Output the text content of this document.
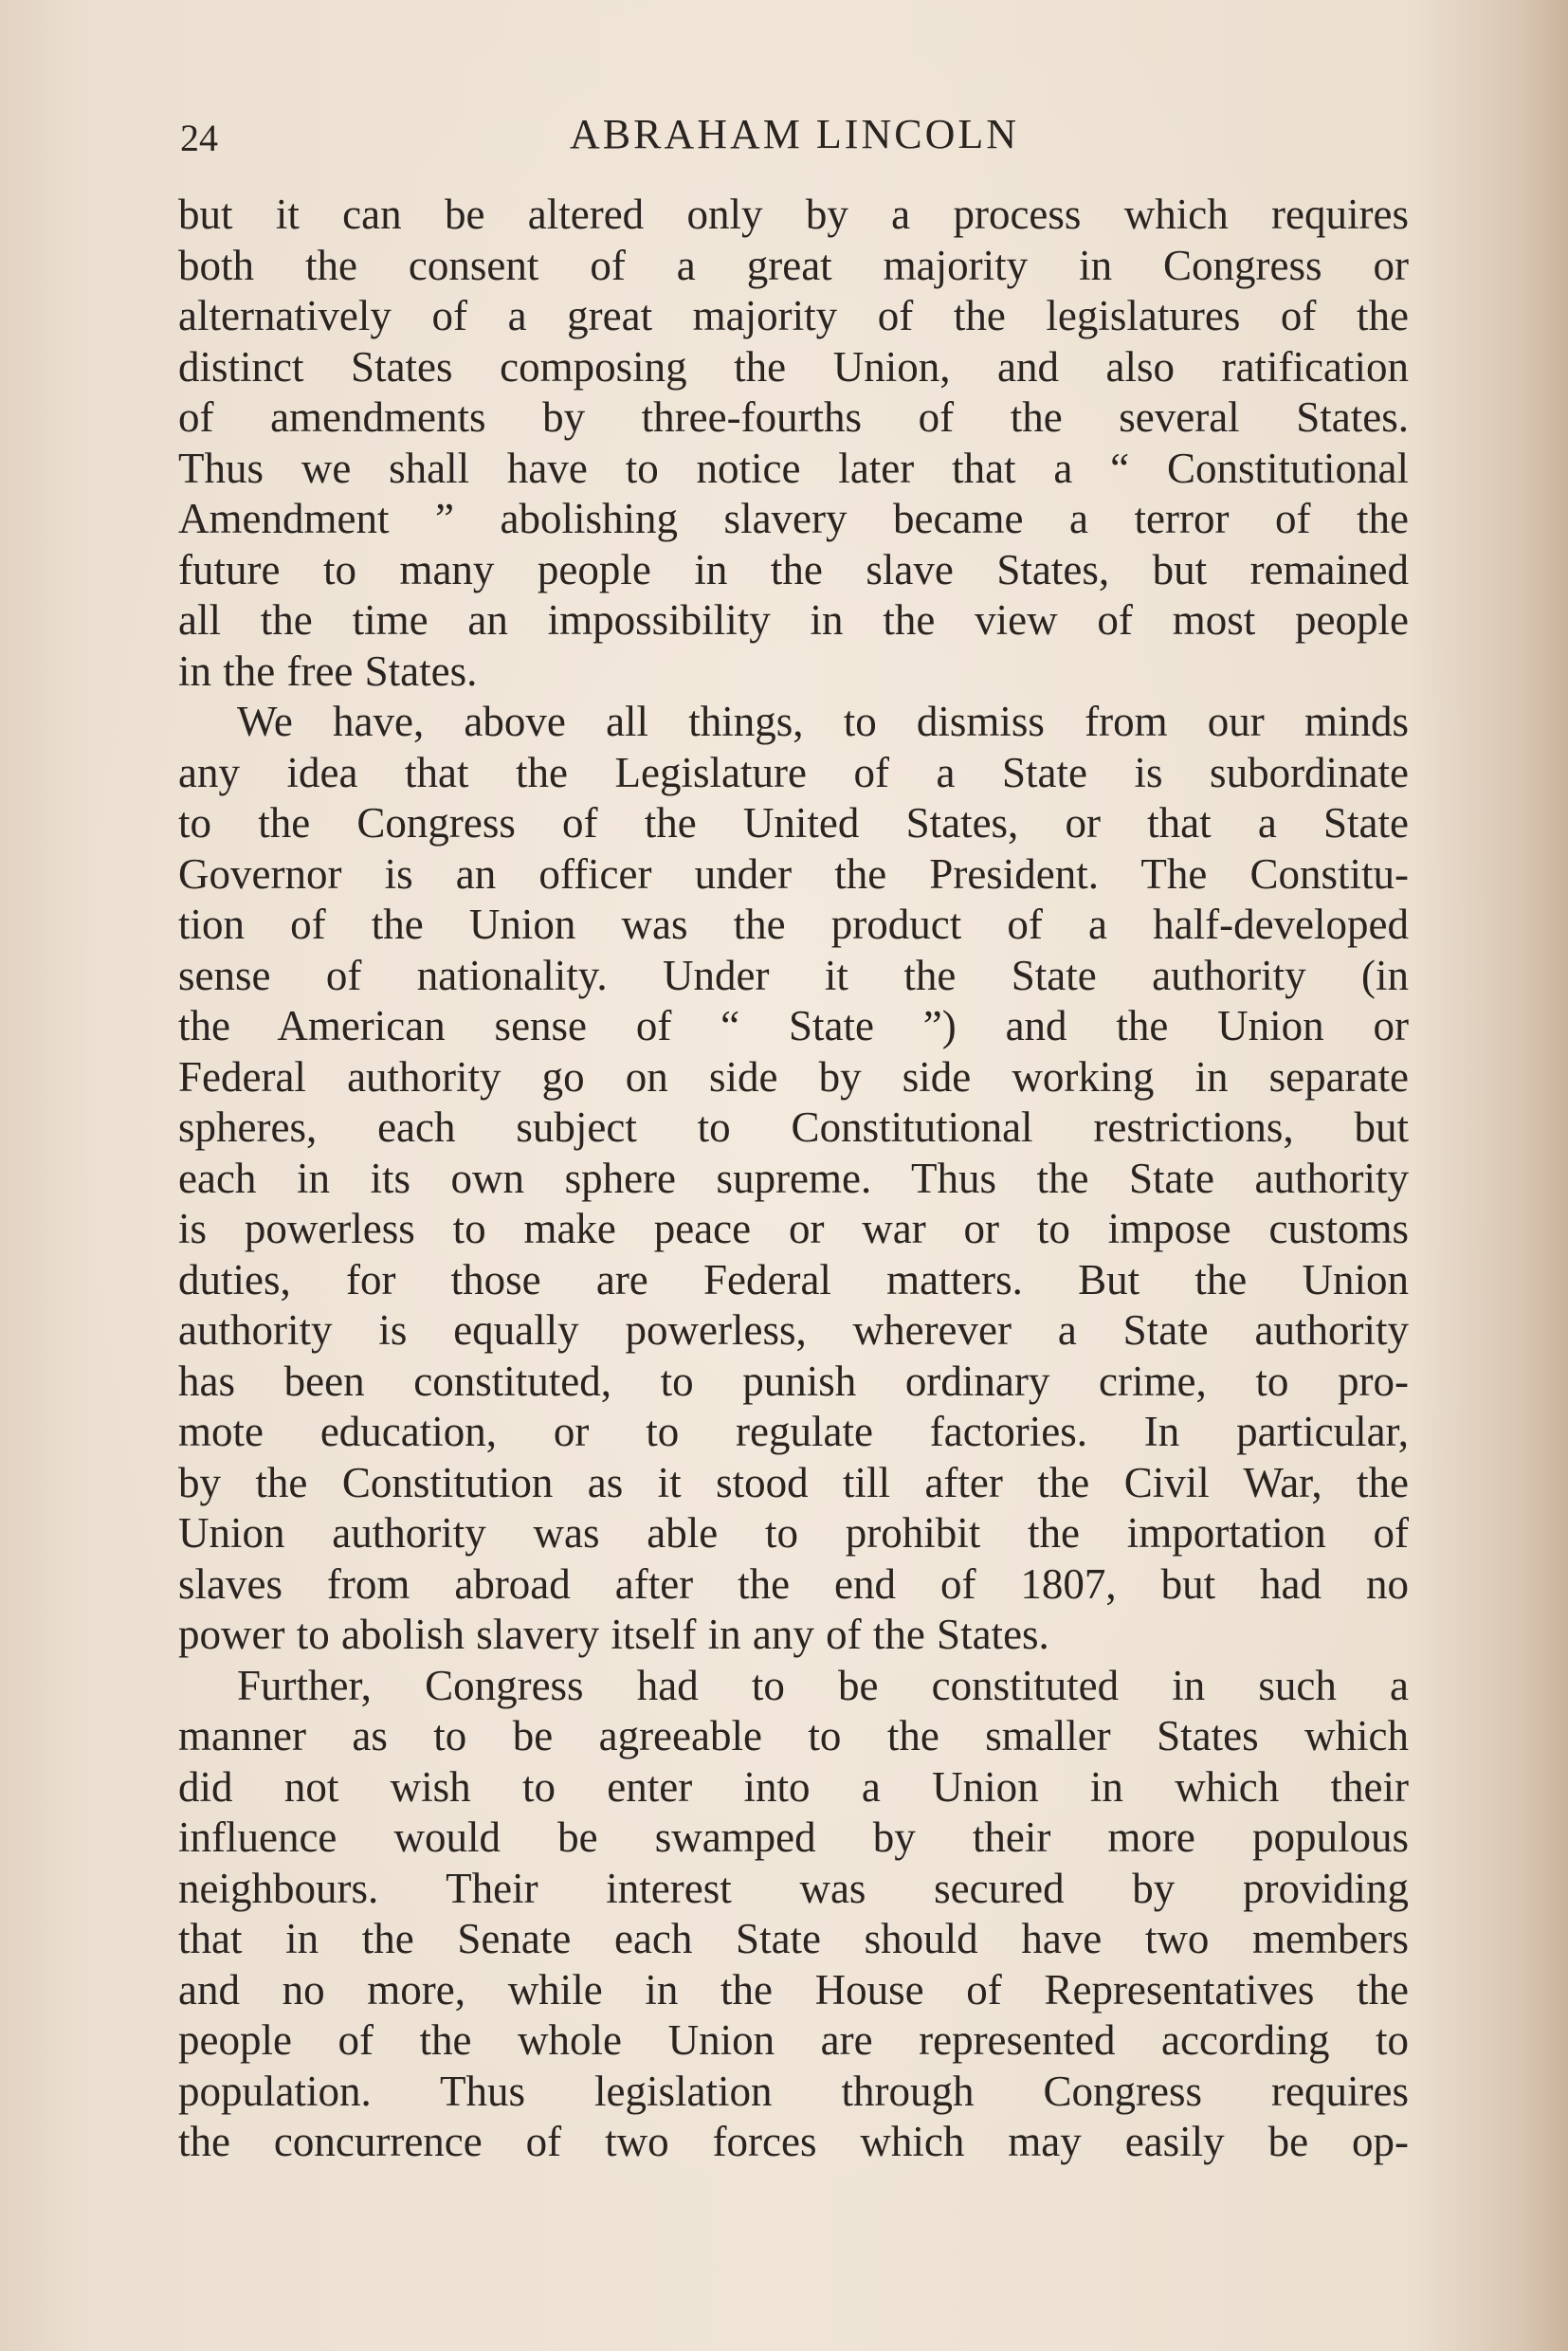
24	ABRAHAM LINCOLN
but it can be altered only by a process which requires
both the consent of a great majority in Congress or
alternatively of a great majority of the legislatures of the
distinct States composing the Union, and also ratification
of amendments by three-fourths of the several States.
Thus we shall have to notice later that a “ Constitutional
Amendment ” abolishing slavery became a terror of the
future to many people in the slave States, but remained
all the time an impossibility in the view of most people
in the free States.
We have, above all things, to dismiss from our minds
any idea that the Legislature of a State is subordinate
to the Congress of the United States, or that a State
Governor is an officer under the President. The Constitu-
tion of the Union was the product of a half-developed
sense of nationality. Under it the State authority (in
the American sense of “ State ”) and the Union or
Federal authority go on side by side working in separate
spheres, each subject to Constitutional restrictions, but
each in its own sphere supreme. Thus the State authority
is powerless to make peace or war or to impose customs
duties, for those are Federal matters. But the Union
authority is equally powerless, wherever a State authority
has been constituted, to punish ordinary crime, to pro-
mote education, or to regulate factories. In particular,
by the Constitution as it stood till after the Civil War, the
Union authority was able to prohibit the importation of
slaves from abroad after the end of 1807, but had no
power to abolish slavery itself in any of the States.
Further, Congress had to be constituted in such a
manner as to be agreeable to the smaller States which
did not wish to enter into a Union in which their
influence would be swamped by their more populous
neighbours. Their interest was secured by providing
that in the Senate each State should have two members
and no more, while in the House of Representatives the
people of the whole Union are represented according to
population. Thus legislation through Congress requires
the concurrence of two forces which may easily be op-
